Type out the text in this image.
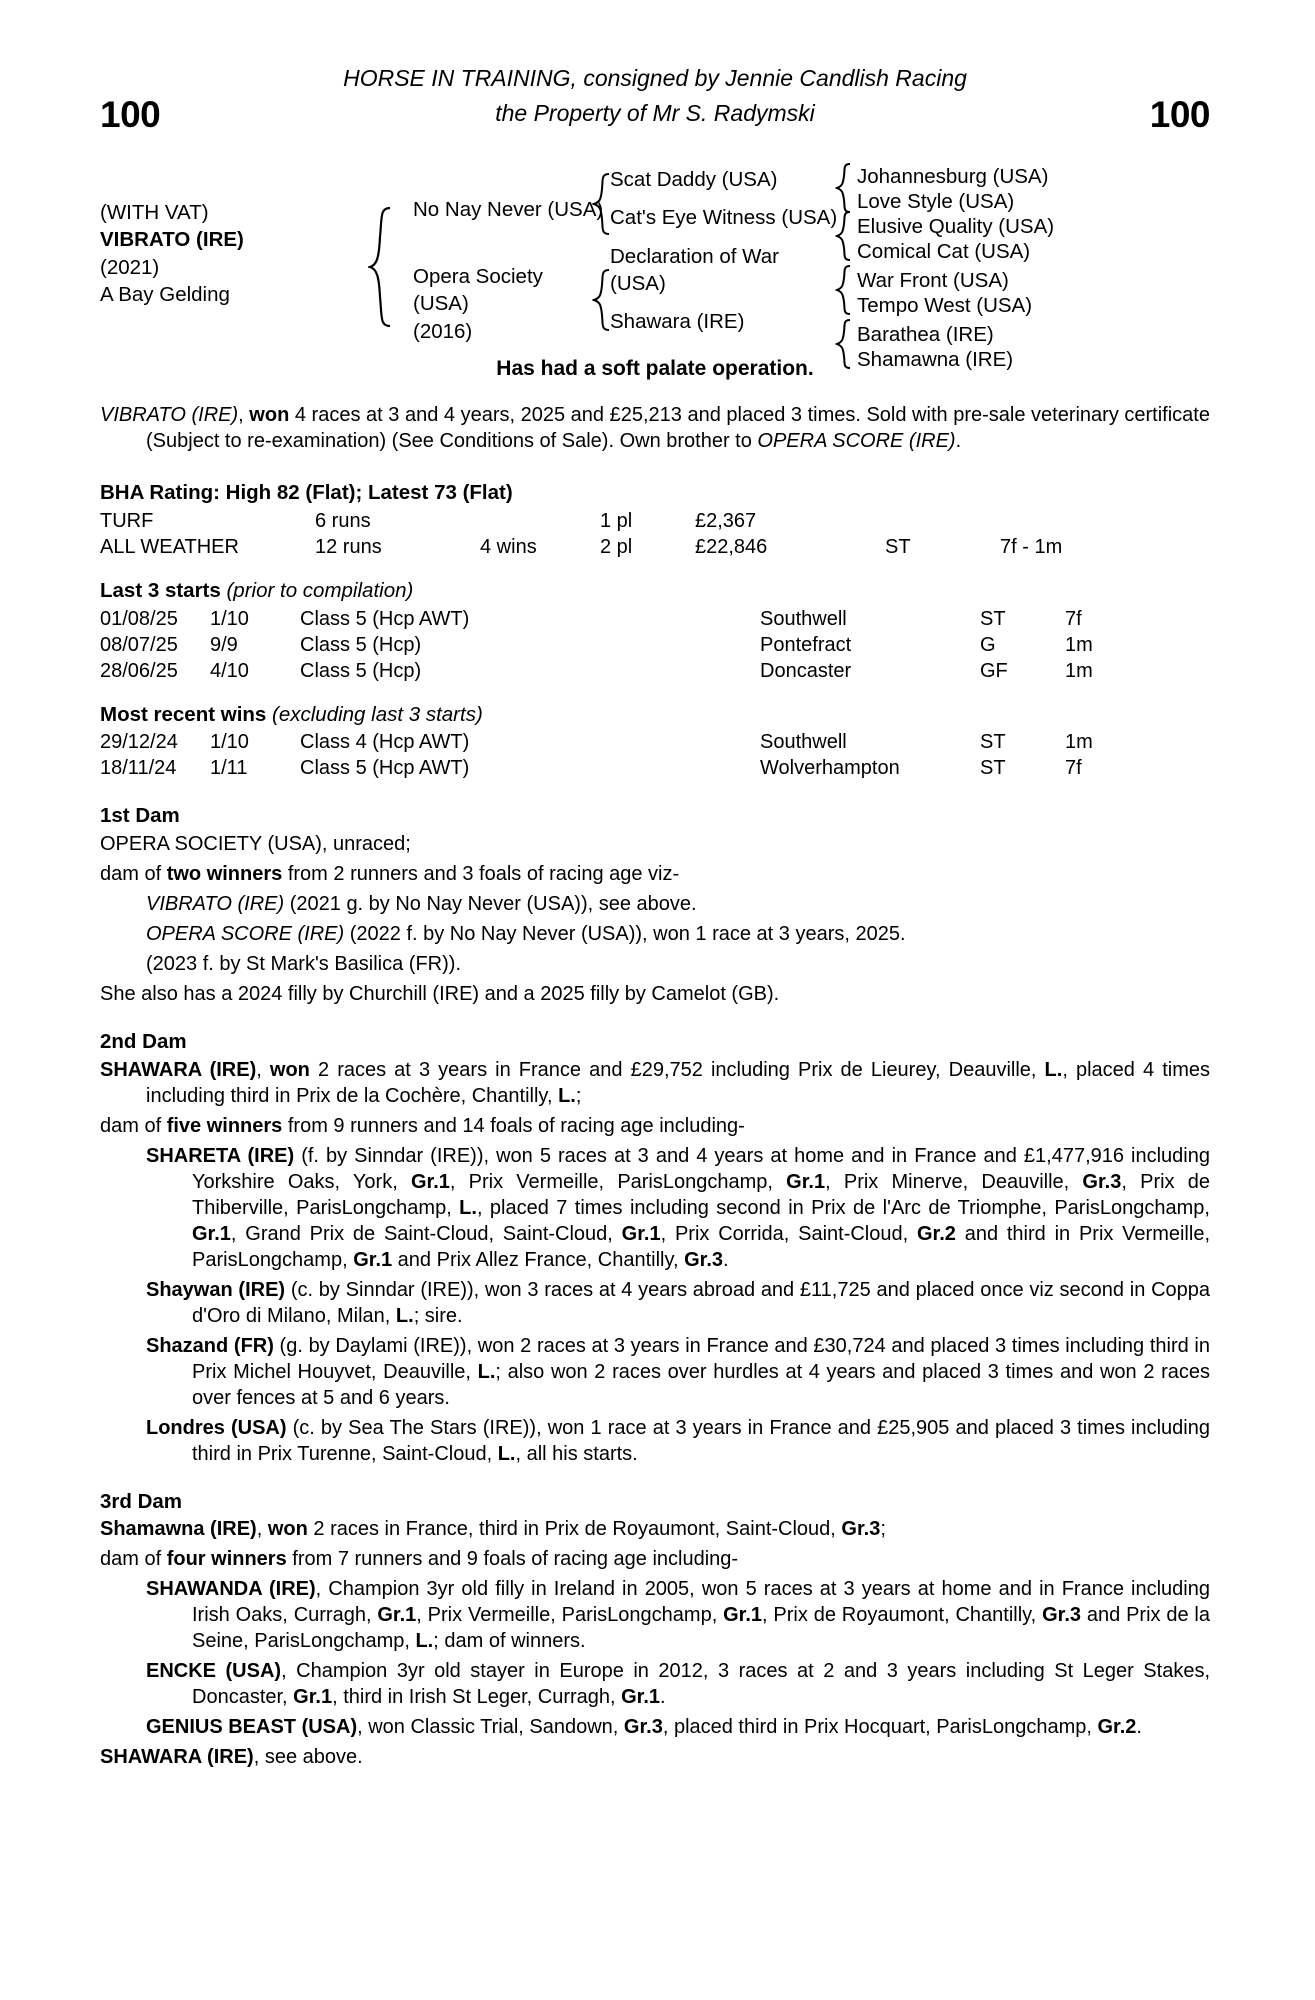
100	100
HORSE IN TRAINING, consigned by Jennie Candlish Racing
the Property of Mr S. Radymski
(WITH VAT)
VIBRATO (IRE)
(2021)
A Bay Gelding
No Nay Never (USA)
Opera Society
(USA)
(2016)
Scat Daddy (USA)
Cat's Eye Witness (USA)
Declaration of War
(USA)
Shawara (IRE)
Johannesburg (USA)
Love Style (USA)
Elusive Quality (USA)
Comical Cat (USA)
War Front (USA)
Tempo West (USA)
Barathea (IRE)
Shamawna (IRE)
Has had a soft palate operation.
VIBRATO (IRE), won 4 races at 3 and 4 years, 2025 and £25,213 and placed 3 times. Sold with pre-sale veterinary certificate (Subject to re-examination) (See Conditions of Sale). Own brother to OPERA SCORE (IRE).
BHA Rating: High 82 (Flat); Latest 73 (Flat)
TURF	6 runs	1 pl	£2,367
ALL WEATHER	12 runs	4 wins	2 pl	£22,846	ST	7f - 1m
Last 3 starts (prior to compilation)
01/08/25 1/10	Class 5 (Hcp AWT)	Southwell	ST	7f
08/07/25 9/9	Class 5 (Hcp)	Pontefract	G	1m
28/06/25 4/10	Class 5 (Hcp)	Doncaster	GF	1m
Most recent wins (excluding last 3 starts)
29/12/24 1/10	Class 4 (Hcp AWT)	Southwell	ST	1m
18/11/24 1/11	Class 5 (Hcp AWT)	Wolverhampton	ST	7f
1st Dam
OPERA SOCIETY (USA), unraced;
dam of two winners from 2 runners and 3 foals of racing age viz-
VIBRATO (IRE) (2021 g. by No Nay Never (USA)), see above.
OPERA SCORE (IRE) (2022 f. by No Nay Never (USA)), won 1 race at 3 years, 2025.
(2023 f. by St Mark's Basilica (FR)).
She also has a 2024 filly by Churchill (IRE) and a 2025 filly by Camelot (GB).
2nd Dam
SHAWARA (IRE), won 2 races at 3 years in France and £29,752 including Prix de Lieurey, Deauville, L., placed 4 times including third in Prix de la Cochère, Chantilly, L.;
dam of five winners from 9 runners and 14 foals of racing age including-
SHARETA (IRE) (f. by Sinndar (IRE)), won 5 races at 3 and 4 years at home and in France and £1,477,916 including Yorkshire Oaks, York, Gr.1, Prix Vermeille, ParisLongchamp, Gr.1, Prix Minerve, Deauville, Gr.3, Prix de Thiberville, ParisLongchamp, L., placed 7 times including second in Prix de l'Arc de Triomphe, ParisLongchamp, Gr.1, Grand Prix de Saint-Cloud, Saint-Cloud, Gr.1, Prix Corrida, Saint-Cloud, Gr.2 and third in Prix Vermeille, ParisLongchamp, Gr.1 and Prix Allez France, Chantilly, Gr.3.
Shaywan (IRE) (c. by Sinndar (IRE)), won 3 races at 4 years abroad and £11,725 and placed once viz second in Coppa d'Oro di Milano, Milan, L.; sire.
Shazand (FR) (g. by Daylami (IRE)), won 2 races at 3 years in France and £30,724 and placed 3 times including third in Prix Michel Houyvet, Deauville, L.; also won 2 races over hurdles at 4 years and placed 3 times and won 2 races over fences at 5 and 6 years.
Londres (USA) (c. by Sea The Stars (IRE)), won 1 race at 3 years in France and £25,905 and placed 3 times including third in Prix Turenne, Saint-Cloud, L., all his starts.
3rd Dam
Shamawna (IRE), won 2 races in France, third in Prix de Royaumont, Saint-Cloud, Gr.3;
dam of four winners from 7 runners and 9 foals of racing age including-
SHAWANDA (IRE), Champion 3yr old filly in Ireland in 2005, won 5 races at 3 years at home and in France including Irish Oaks, Curragh, Gr.1, Prix Vermeille, ParisLongchamp, Gr.1, Prix de Royaumont, Chantilly, Gr.3 and Prix de la Seine, ParisLongchamp, L.; dam of winners.
ENCKE (USA), Champion 3yr old stayer in Europe in 2012, 3 races at 2 and 3 years including St Leger Stakes, Doncaster, Gr.1, third in Irish St Leger, Curragh, Gr.1.
GENIUS BEAST (USA), won Classic Trial, Sandown, Gr.3, placed third in Prix Hocquart, ParisLongchamp, Gr.2.
SHAWARA (IRE), see above.
